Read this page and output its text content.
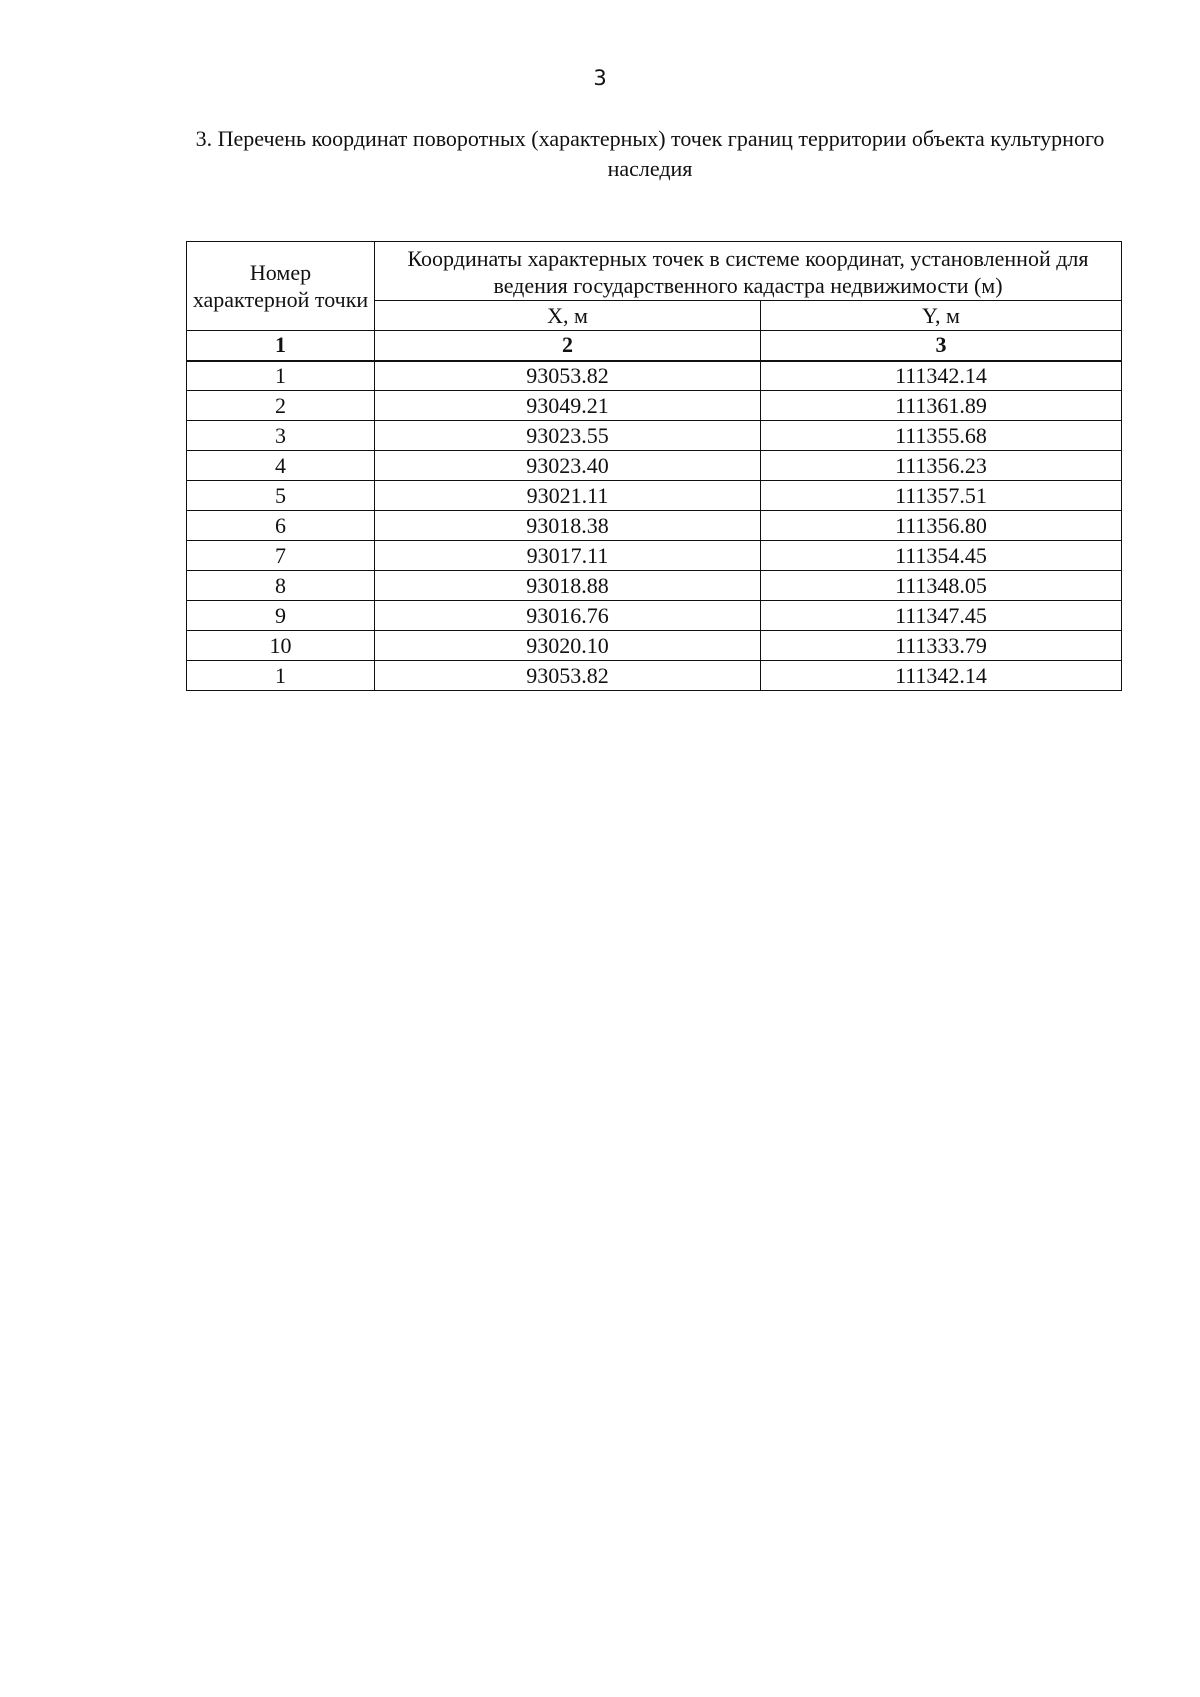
3
3. Перечень координат поворотных (характерных) точек границ территории объекта культурного наследия
Номер характерной точки	Координаты характерных точек в системе координат, установленной для ведения государственного кадастра недвижимости (м)	
	X, м	Y, м
1	2	3
1	93053.82	111342.14
2	93049.21	111361.89
3	93023.55	111355.68
4	93023.40	111356.23
5	93021.11	111357.51
6	93018.38	111356.80
7	93017.11	111354.45
8	93018.88	111348.05
9	93016.76	111347.45
10	93020.10	111333.79
1	93053.82	111342.14
